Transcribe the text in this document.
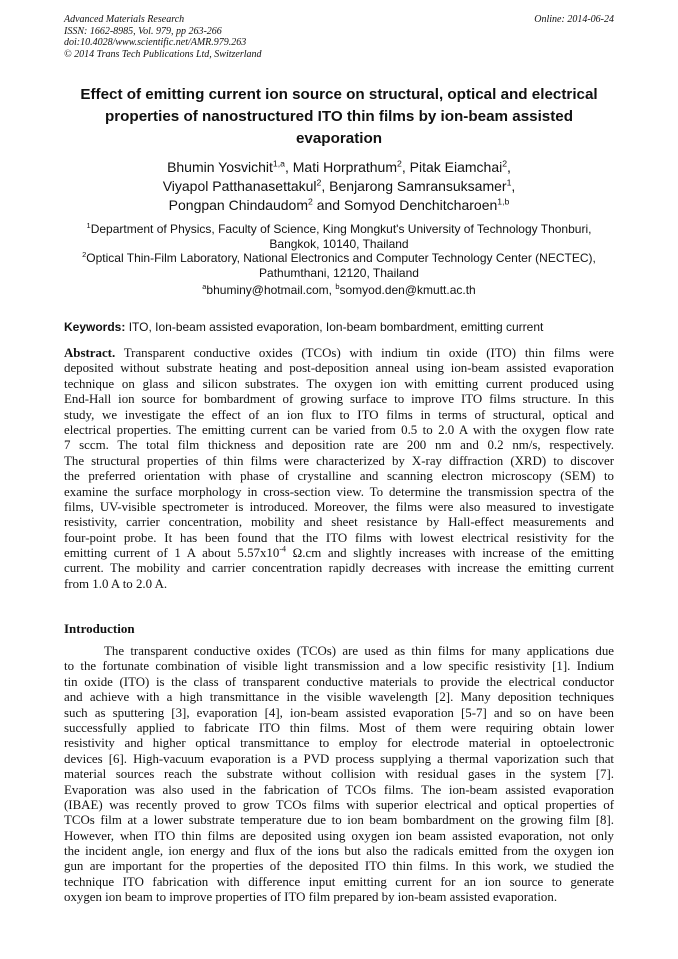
Advanced Materials Research
ISSN: 1662-8985, Vol. 979, pp 263-266
doi:10.4028/www.scientific.net/AMR.979.263
© 2014 Trans Tech Publications Ltd, Switzerland
Online: 2014-06-24
Effect of emitting current ion source on structural, optical and electrical
properties of nanostructured ITO thin films by ion-beam assisted
evaporation
Bhumin Yosvichit$^{1,a}$, Mati Horprathum$^2$, Pitak Eiamchai$^2$,
Viyapol Patthanasettakul$^2$, Benjarong Samransuksamer$^1$,
Pongpan Chindaudom$^2$ and Somyod Denchitcharoen$^{1,b}$
$^1$Department of Physics, Faculty of Science, King Mongkut's University of Technology Thonburi,
Bangkok, 10140, Thailand
$^2$Optical Thin-Film Laboratory, National Electronics and Computer Technology Center (NECTEC),
Pathumthani, 12120, Thailand
$^a$bhuminy@hotmail.com, $^b$somyod.den@kmutt.ac.th
Keywords: ITO, Ion-beam assisted evaporation, Ion-beam bombardment, emitting current
Abstract. Transparent conductive oxides (TCOs) with indium tin oxide (ITO) thin films were
deposited without substrate heating and post-deposition anneal using ion-beam assisted evaporation
technique on glass and silicon substrates. The oxygen ion with emitting current produced using
End-Hall ion source for bombardment of growing surface to improve ITO films structure. In this
study, we investigate the effect of an ion flux to ITO films in terms of structural, optical and
electrical properties. The emitting current can be varied from 0.5 to 2.0 A with the oxygen flow rate
7 sccm. The total film thickness and deposition rate are 200 nm and 0.2 nm/s, respectively.
The structural properties of thin films were characterized by X-ray diffraction (XRD) to discover
the preferred orientation with phase of crystalline and scanning electron microscopy (SEM) to
examine the surface morphology in cross-section view. To determine the transmission spectra of the
films, UV-visible spectrometer is introduced. Moreover, the films were also measured to investigate
resistivity, carrier concentration, mobility and sheet resistance by Hall-effect measurements and
four-point probe. It has been found that the ITO films with lowest electrical resistivity for the
emitting current of 1 A about $5.57x10^{-4}$ Ω.cm and slightly increases with increase of the emitting
current. The mobility and carrier concentration rapidly decreases with increase the emitting current
from 1.0 A to 2.0 A.
Introduction
The transparent conductive oxides (TCOs) are used as thin films for many applications due
to the fortunate combination of visible light transmission and a low specific resistivity [1]. Indium
tin oxide (ITO) is the class of transparent conductive materials to provide the electrical conductor
and achieve with a high transmittance in the visible wavelength [2]. Many deposition techniques
such as sputtering [3], evaporation [4], ion-beam assisted evaporation [5-7] and so on have been
successfully applied to fabricate ITO thin films. Most of them were requiring obtain lower
resistivity and higher optical transmittance to employ for electrode material in optoelectronic
devices [6]. High-vacuum evaporation is a PVD process supplying a thermal vaporization such that
material sources reach the substrate without collision with residual gases in the system [7].
Evaporation was also used in the fabrication of TCOs films. The ion-beam assisted evaporation
(IBAE) was recently proved to grow TCOs films with superior electrical and optical properties of
TCOs film at a lower substrate temperature due to ion beam bombardment on the growing film [8].
However, when ITO thin films are deposited using oxygen ion beam assisted evaporation, not only
the incident angle, ion energy and flux of the ions but also the radicals emitted from the oxygen ion
gun are important for the properties of the deposited ITO thin films. In this work, we studied the
technique ITO fabrication with difference input emitting current for an ion source to generate
oxygen ion beam to improve properties of ITO film prepared by ion-beam assisted evaporation.
